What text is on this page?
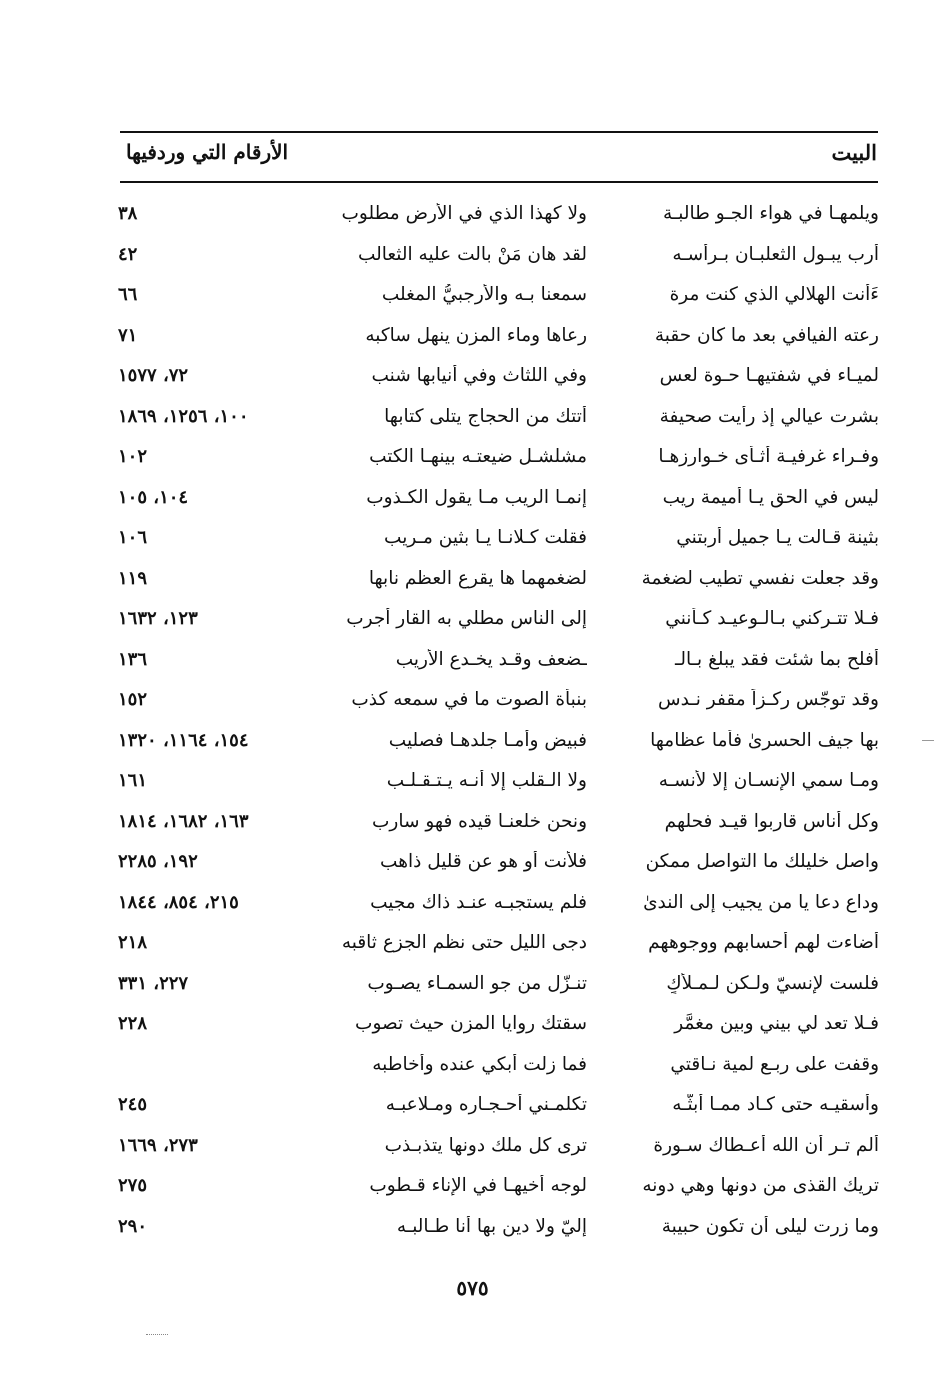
البيت
الأرقام التي وردفيها
ويلمهـا في هواء الجـو طالبـة
ولا كهذا الذي في الأرض مطلوب
٣٨
أرب يبـول الثعلبـان بـرأسـه
لقد هان مَنْ بالت عليه الثعالب
٤٢
ءَأنت الهلالي الذي كنت مرة
سمعنا بـه والأرجبيُّ المغلب
٦٦
رعته الفيافي بعد ما كان حقبة
رعاها وماء المزن ينهل ساكبه
٧١
لميـاء في شفتيهـا حـوة لعس
وفي اللثاث وفي أنيابها شنب
٧٢، ١٥٧٧
بشرت عيالي إذ رأيت صحيفة
أتتك من الحجاج يتلى كتابها
١٠٠، ١٢٥٦، ١٨٦٩
وفـراء غرفيـة أثـأى خـوارزهـا
مشلشـل ضيعتـه بينهـا الكتب
١٠٢
ليس في الحق يـا أميمة ريب
إنمـا الريب مـا يقول الكـذوب
١٠٤، ١٠٥
بثينة قـالت يـا جميل أربتني
فقلت كـلانـا يـا بثين مـريب
١٠٦
وقد جعلت نفسي تطيب لضغمة
لضغمهما ها يقرع العظم نابها
١١٩
فـلا تتـركني بـالـوعيـد كـأنني
إلى الناس مطلي به القار أجرب
١٢٣، ١٦٣٢
أفلح بما شئت فقد يبلغ بـالـ
ـضعف وقـد يخـدع الأريب
١٣٦
وقد توجّس ركـزاً مقفر نـدس
بنبأة الصوت ما في سمعه كذب
١٥٢
بها جيف الحسرىٰ فأما عظامها
فبيض وأمـا جلدهـا فصليب
١٥٤، ١١٦٤، ١٣٢٠
ومـا سمي الإنسـان إلا لأنسـه
ولا الـقلب إلا أنـه يـتـقـلـب
١٦١
وكل أناسٍ قاربوا قيـد فحلهم
ونحن خلعنـا قيده فهو سارب
١٦٣، ١٦٨٢، ١٨١٤
واصل خليلك ما التواصل ممكن
فلأنت أو هو عن قليل ذاهب
١٩٢، ٢٢٨٥
وداع دعا يا من يجيب إلى الندىٰ
فلم يستجبـه عنـد ذاك مجيب
٢١٥، ٨٥٤، ١٨٤٤
أضاءت لهم أحسابهم ووجوههم
دجى الليل حتى نظم الجزع ثاقبه
٢١٨
فلست لإنسيّ ولـكن لـمـلأكٍ
تنـزّل من جو السمـاء يصـوب
٢٢٧، ٣٣١
فـلا تعد لي بيني وبين مغمَّر
سقتك روايا المزن حيث تصوب
٢٢٨
وقفت على ربـع لمية نـاقتي
فما زلت أبكي عنده وأخاطبه
وأسقيـه حتى كـاد ممـا أبثُّـه
تكلمـني أحـجـاره ومـلاعبـه
٢٤٥
ألم تـر أن الله أعـطاك سـورة
ترى كل ملك دونها يتذبـذب
٢٧٣، ١٦٦٩
تريك القذى من دونها وهي دونه
لوجه أخيهـا في الإناء قـطوب
٢٧٥
وما زرت ليلى أن تكون حبيبة
إليّ ولا دين بها أنا طـالبـه
٢٩٠
٥٧٥
